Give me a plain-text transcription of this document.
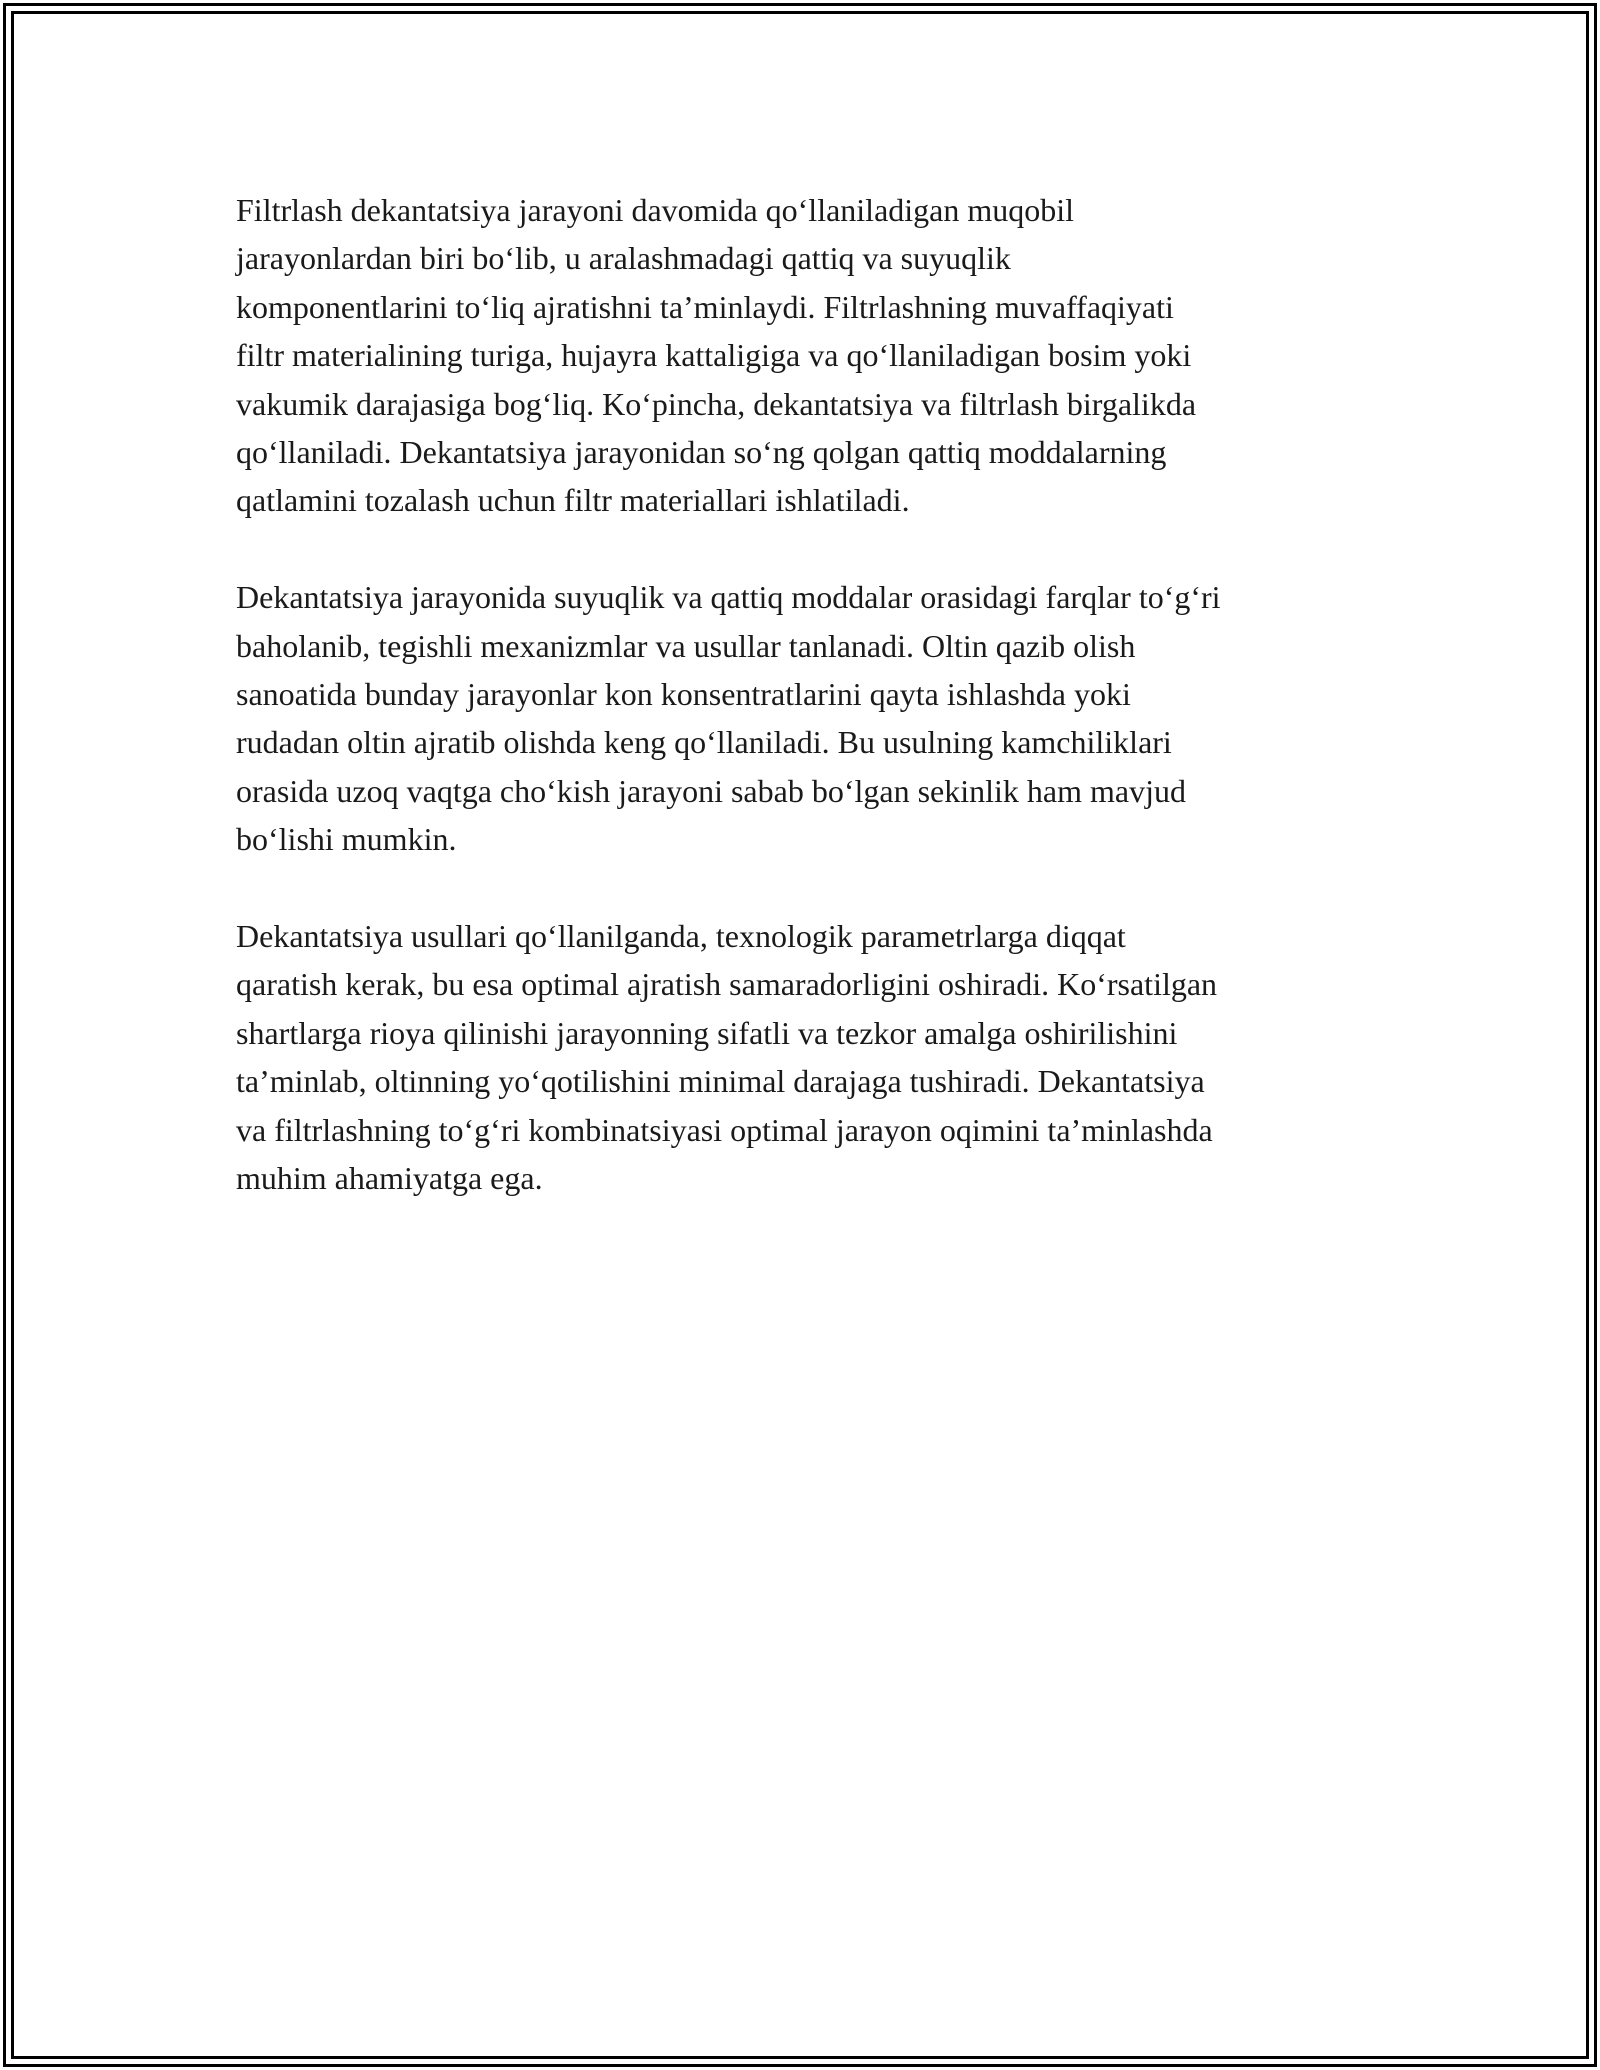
Filtrlash dekantatsiya jarayoni davomida qo‘llaniladigan muqobil
jarayonlardan biri bo‘lib, u aralashmadagi qattiq va suyuqlik
komponentlarini to‘liq ajratishni ta’minlaydi. Filtrlashning muvaffaqiyati
filtr materialining turiga, hujayra kattaligiga va qo‘llaniladigan bosim yoki
vakumik darajasiga bog‘liq. Ko‘pincha, dekantatsiya va filtrlash birgalikda
qo‘llaniladi. Dekantatsiya jarayonidan so‘ng qolgan qattiq moddalarning
qatlamini tozalash uchun filtr materiallari ishlatiladi.

Dekantatsiya jarayonida suyuqlik va qattiq moddalar orasidagi farqlar to‘g‘ri
baholanib, tegishli mexanizmlar va usullar tanlanadi. Oltin qazib olish
sanoatida bunday jarayonlar kon konsentratlarini qayta ishlashda yoki
rudadan oltin ajratib olishda keng qo‘llaniladi. Bu usulning kamchiliklari
orasida uzoq vaqtga cho‘kish jarayoni sabab bo‘lgan sekinlik ham mavjud
bo‘lishi mumkin.

Dekantatsiya usullari qo‘llanilganda, texnologik parametrlarga diqqat
qaratish kerak, bu esa optimal ajratish samaradorligini oshiradi. Ko‘rsatilgan
shartlarga rioya qilinishi jarayonning sifatli va tezkor amalga oshirilishini
ta’minlab, oltinning yo‘qotilishini minimal darajaga tushiradi. Dekantatsiya
va filtrlashning to‘g‘ri kombinatsiyasi optimal jarayon oqimini ta’minlashda
muhim ahamiyatga ega.
